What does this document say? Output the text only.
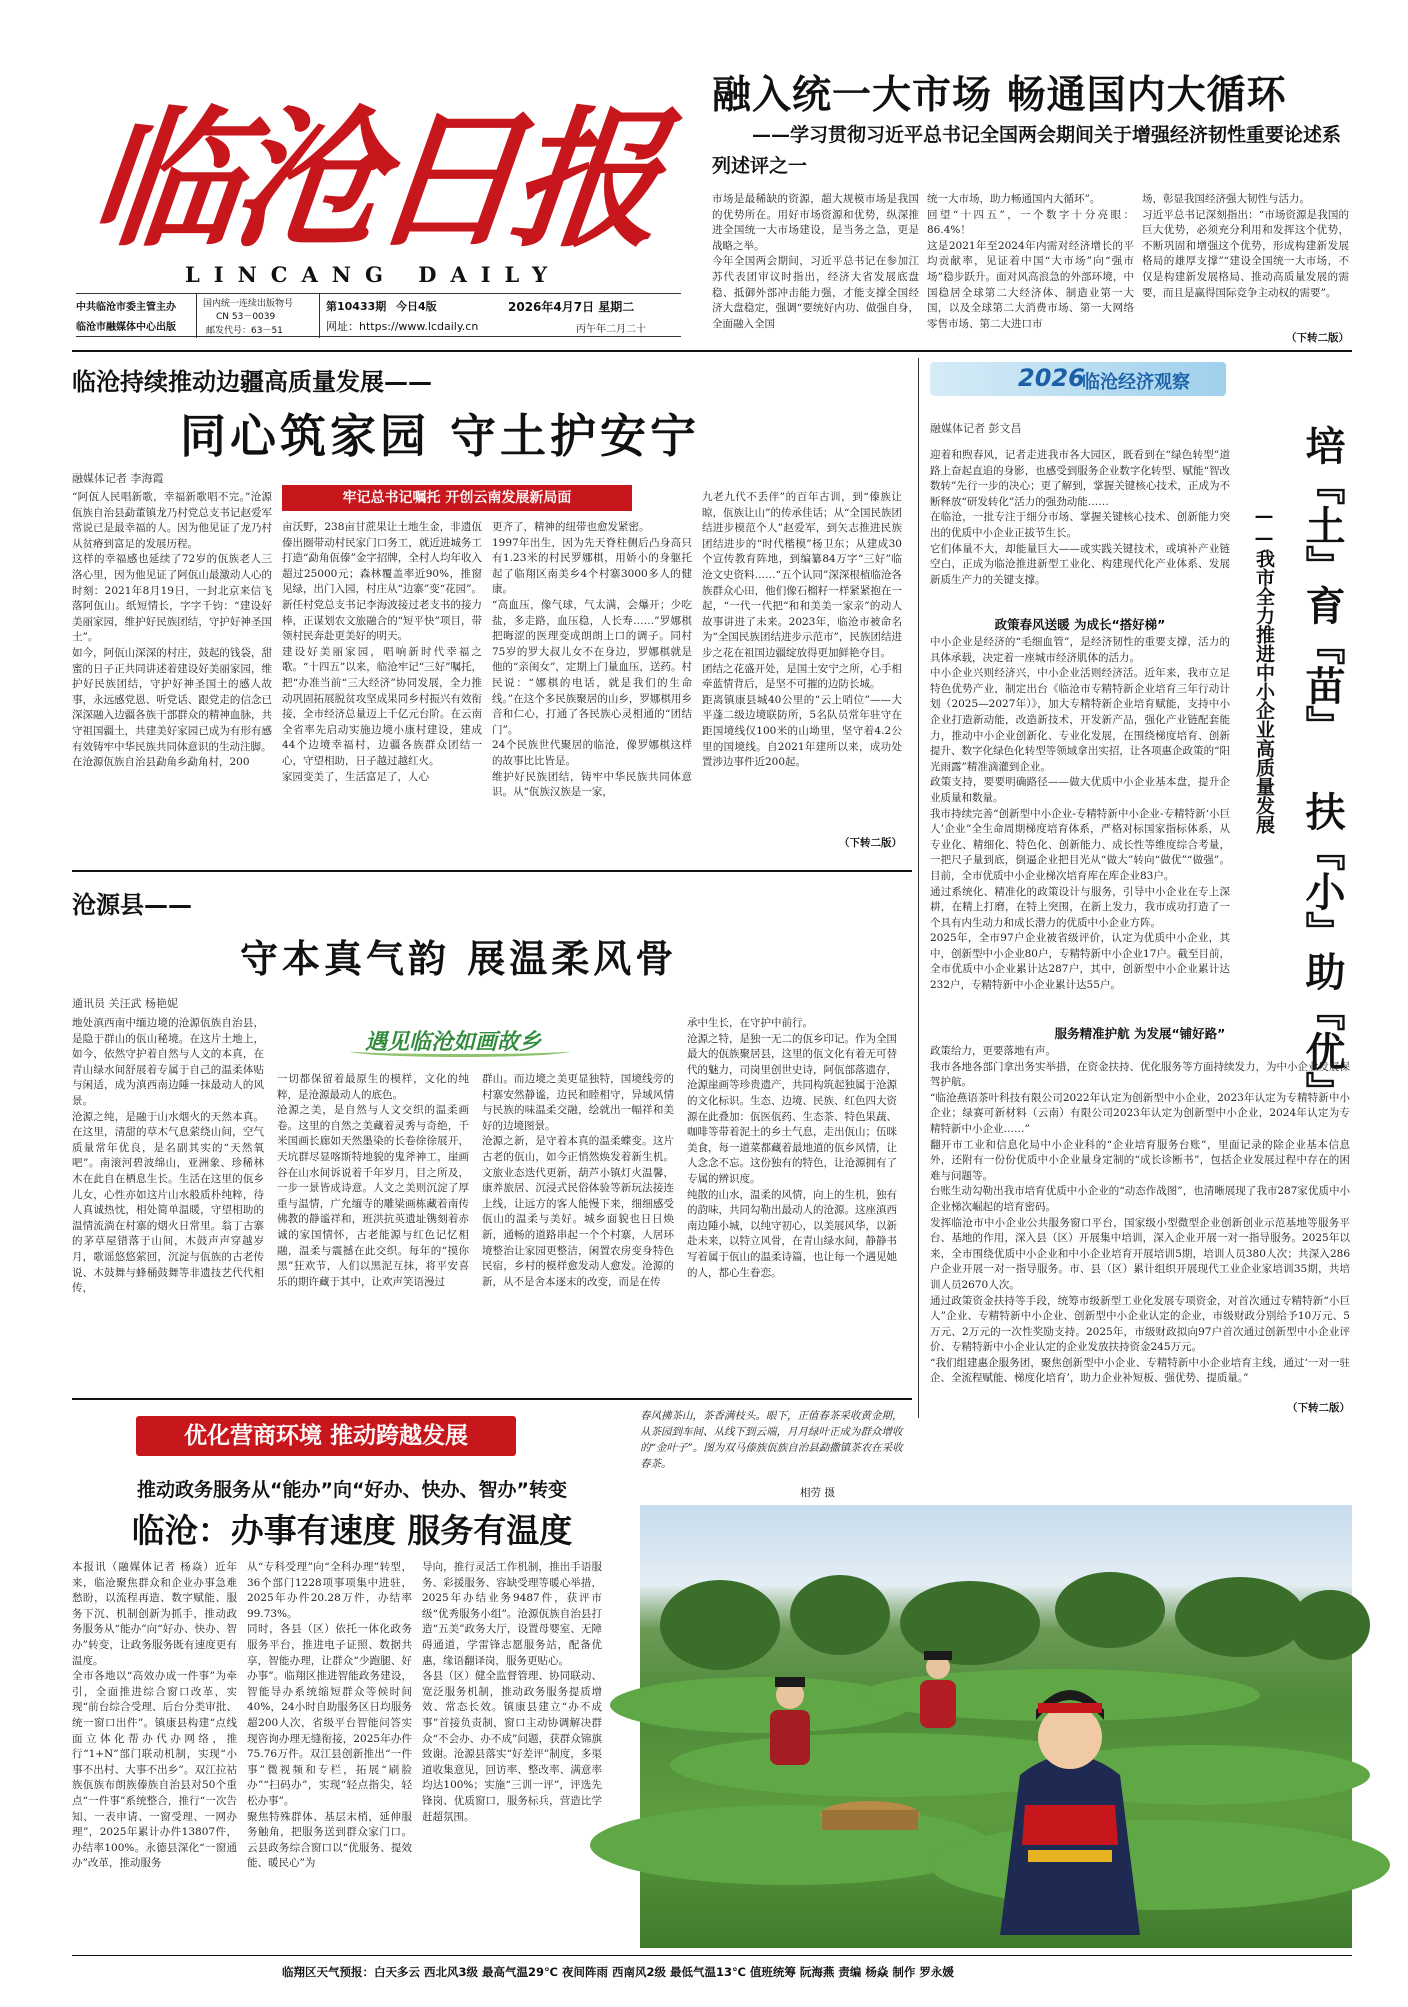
临沧日报
LINCANG DAILY
中共临沧市委主管主办
临沧市融媒体中心出版
国内统一连续出版物号
CN 53－0039
邮发代号：63－51
第10433期 今日4版
网址：https://www.lcdaily.cn
2026年4月7日 星期二
丙午年二月二十
融入统一大市场 畅通国内大循环
——学习贯彻习近平总书记全国两会期间关于增强经济韧性重要论述系列述评之一
市场是最稀缺的资源，超大规模市场是我国的优势所在。用好市场资源和优势，纵深推进全国统一大市场建设，是当务之急，更是战略之举。
今年全国两会期间，习近平总书记在参加江苏代表团审议时指出，经济大省发展底盘稳、抵御外部冲击能力强，才能支撑全国经济大盘稳定，强调“要统好内功、做强自身，全面融入全国
统一大市场，助力畅通国内大循环”。
回望“十四五”，一个数字十分亮眼：86.4%！
这是2021年至2024年内需对经济增长的平均贡献率，见证着中国“大市场”向“强市场”稳步跃升。面对风高浪急的外部环境，中国稳居全球第二大经济体、制造业第一大国，以及全球第二大消费市场、第一大网络零售市场、第二大进口市
场，彰显我国经济强大韧性与活力。
习近平总书记深刻指出：“市场资源是我国的巨大优势，必须充分利用和发挥这个优势，不断巩固和增强这个优势，形成构建新发展格局的雄厚支撑”“建设全国统一大市场，不仅是构建新发展格局、推动高质量发展的需要，而且是赢得国际竞争主动权的需要”。
（下转二版）
临沧持续推动边疆高质量发展——
同心筑家园 守土护安宁
融媒体记者 李海霞
牢记总书记嘱托 开创云南发展新局面
“阿佤人民唱新歌，幸福新歌唱不完。”沧源佤族自治县勐董镇龙乃村党总支书记赵爱军常说已是最幸福的人。因为他见证了龙乃村从贫瘠到富足的发展历程。
这样的幸福感也延续了72岁的佤族老人三洛心里，因为他见证了阿佤山最激动人心的时刻：2021年8月19日，一封北京来信飞落阿佤山。纸短情长，字字千钧：“建设好美丽家园，维护好民族团结，守护好神圣国土”。
如今，阿佤山深深的村庄，鼓起的钱袋，甜蜜的日子正共同讲述着建设好美丽家园，维护好民族团结，守护好神圣国土的感人故事，永远感党恩、听党话、跟党走的信念已深深融入边疆各族干部群众的精神血脉，共守祖国疆土，共建美好家园已成为有形有感有效铸牢中华民族共同体意识的生动注脚。
在沧源佤族自治县勐角乡勐角村，200
亩沃野，238亩甘蔗果让土地生金，非遗佤傣出圈带动村民家门口务工，就近进城务工打造“勐角佤傣”金字招牌，全村人均年收入超过25000元；森林覆盖率近90%，推窗见绿，出门入园，村庄从“边寨”变“花园”。新任村党总支书记李海波接过老支书的接力棒，正谋划农文旅融合的“短平快”项目，带领村民奔赴更美好的明天。
建设好美丽家园，唱响新时代幸福之歌。“十四五”以来，临沧牢记“三好”嘱托，把“办准当前“三大经济”协同发展，全力推动巩固拓展脱贫攻坚成果同乡村振兴有效衔接，全市经济总量迈上千亿元台阶。在云南全省率先启动实施边境小康村建设，建成44个边境幸福村，边疆各族群众团结一心，守望相助，日子越过越红火。
家园变美了，生活富足了，人心
更齐了，精神的纽带也愈发紧密。
1997年出生，因为先天脊柱侧后凸身高只有1.23米的村民罗娜棋，用娇小的身躯托起了临翔区南美乡4个村寨3000多人的健康。
“高血压，像气球，气太满，会爆开；少吃盐，多走路，血压稳，人长寿……”罗娜棋把晦涩的医理变成朗朗上口的调子。同村75岁的罗大叔儿女不在身边，罗娜棋就是他的“亲闺女”，定期上门量血压，送药。村民说：“娜棋的电话，就是我们的生命线。”在这个多民族聚居的山乡，罗娜棋用乡音和仁心，打通了各民族心灵相通的“团结门”。
24个民族世代聚居的临沧，像罗娜棋这样的故事比比皆是。
维护好民族团结，铸牢中华民族共同体意识。从“佤族汉族是一家，
九老九代不丢伴”的百年古训，到“傣族让晾，佤族让山”的传承佳话；从“全国民族团结进步模范个人”赵爱军，到矢志推进民族团结进步的“时代楷模”杨卫东；从建成30个宣传教育阵地，到编纂84万字“三好”临沧文史资料……“五个认同”深深根植临沧各族群众心田，他们像石榴籽一样紧紧抱在一起，“一代一代把“和和美美一家亲”的动人故事讲进了未来。2023年，临沧市被命名为“全国民族团结进步示范市”，民族团结进步之花在祖国边疆绽放得更加鲜艳夺目。
团结之花盛开处，是国土安宁之所，心手相牵蓝情背后，是坚不可摧的边防长城。
距离镇康县城40公里的“云上哨位”——大平蓬二级边境联防所，5名队员常年驻守在距国境线仅100米的山坳里，坚守着4.2公里的国境线。自2021年建所以来，成功处置涉边事件近200起。
（下转二版）
2026
临沧经济观察
融媒体记者 彭文昌	培『土』育『苗』 扶『小』助『优』
——我市全力推进中小企业高质量发展
迎着和煦春风，记者走进我市各大园区，既看到在“绿色转型”道路上奋起直追的身影，也感受到服务企业数字化转型、赋能“智改数转”先行一步的决心；更了解到，掌握关键核心技术，正成为不断释放“研发转化”活力的强劲动能……
在临沧，一批专注于细分市场、掌握关键核心技术、创新能力突出的优质中小企业正拔节生长。
它们体量不大，却能量巨大——或实践关键技术，或填补产业链空白，正成为临沧推进新型工业化、构建现代化产业体系、发展新质生产力的关键支撑。
政策春风送暖 为成长“搭好梯”
中小企业是经济的“毛细血管”，是经济韧性的重要支撑，活力的具体承载，决定着一座城市经济肌体的活力。
中小企业兴则经济兴，中小企业活则经济活。近年来，我市立足特色优势产业，制定出台《临沧市专精特新企业培育三年行动计划（2025—2027年）》，加大专精特新企业培育赋能，支持中小企业打造新动能，改造新技术，开发新产品，强化产业链配套能力，推动中小企业创新化、专业化发展，在围绕梯度培育、创新提升、数字化绿色化转型等领域拿出实招，让各项惠企政策的“阳光雨露”精准滴灌到企业。
政策支持，要要明确路径——做大优质中小企业基本盘，提升企业质量和数量。
我市持续完善“创新型中小企业-专精特新中小企业-专精特新‘小巨人’企业”全生命周期梯度培育体系，严格对标国家指标体系，从专业化、精细化、特色化、创新能力、成长性等维度综合考量，一把尺子量到底，倒逼企业把目光从“做大”转向“做优”“做强”。目前，全市优质中小企业梯次培育库在库企业83户。
通过系统化、精准化的政策设计与服务，引导中小企业在专上深耕，在精上打磨，在特上突围，在新上发力，我市成功打造了一个具有内生动力和成长潜力的优质中小企业方阵。
2025年，全市97户企业被省级评价，认定为优质中小企业，其中，创新型中小企业80户，专精特新中小企业17户。截至目前，全市优质中小企业累计达287户，其中，创新型中小企业累计达232户，专精特新中小企业累计达55户。
服务精准护航 为发展“铺好路”
政策给力，更要落地有声。
我市各地各部门拿出务实举措，在资金扶持、优化服务等方面持续发力，为中小企业发展保驾护航。
“临沧燕语茶叶科技有限公司2022年认定为创新型中小企业，2023年认定为专精特新中小企业；绿赛可新材料（云南）有限公司2023年认定为创新型中小企业，2024年认定为专精特新中小企业……”
翻开市工业和信息化局中小企业科的“企业培育服务台账”，里面记录的除企业基本信息外，还附有一份份优质中小企业量身定制的“成长诊断书”，包括企业发展过程中存在的困难与问题等。
台账生动勾勒出我市培育优质中小企业的“动态作战图”，也清晰展现了我市287家优质中小企业梯次崛起的培育密码。
发挥临沧市中小企业公共服务窗口平台，国家级小型微型企业创新创业示范基地等服务平台、基地的作用，深入县（区）开展集中培训，深入企业开展一对一指导服务。2025年以来，全市围绕优质中小企业和中小企业培育开展培训5期，培训人员380人次；共深入286户企业开展一对一指导服务。市、县（区）累计组织开展现代工业企业家培训35期，共培训人员2670人次。
通过政策资金扶持等手段，统筹市级新型工业化发展专项资金，对首次通过专精特新“小巨人”企业、专精特新中小企业、创新型中小企业认定的企业，市级财政分别给予10万元、5万元、2万元的一次性奖励支持。2025年，市级财政拟向97户首次通过创新型中小企业评价、专精特新中小企业认定的企业发放扶持资金245万元。
“我们组建惠企服务团，聚焦创新型中小企业、专精特新中小企业培育主线，通过‘一对一驻企、全流程赋能、梯度化培育’，助力企业补短板、强优势、提质量。”
（下转二版）
沧源县——
守本真气韵 展温柔风骨
通讯员 关汪武 杨艳妮
遇见临沧如画故乡
地处滇西南中缅边境的沧源佤族自治县，是隐于群山的佤山秘境。在这片土地上，如今，依然守护着自然与人文的本真，在青山绿水间舒展着专属于自己的温柔体贴与闲适，成为滇西南边陲一抹最动人的风景。
沧源之纯，是融于山水烟火的天然本真。在这里，清甜的草木气息萦绕山间，空气质量常年优良，是名副其实的“天然氧吧”。南滚河碧波绵山，亚洲象、珍稀林木在此自在栖息生长。生活在这里的佤乡儿女，心性亦如这片山水般质朴纯粹，待人真诚热忱，相处简单温暖，守望相助的温情流淌在村寨的烟火日常里。翁丁古寨的茅草屋错落于山间，木鼓声声穿越岁月，歌谣悠悠萦回，沉淀与佤族的古老传说、木鼓舞与蜂桶鼓舞等非遗技艺代代相传，
一切都保留着最原生的模样，文化的纯粹，是沧源最动人的底色。
沧源之美，是自然与人文交织的温柔画卷。这里的自然之美藏着灵秀与奇绝，千米国画长廊如天然墨染的长卷徐徐展开，天坑群尽显喀斯特地貌的鬼斧神工，崖画谷在山水间诉说着千年岁月，目之所及，一步一景皆成诗意。人文之美则沉淀了厚重与温情，广允缅寺的雕梁画栋藏着南传佛教的静谧祥和，班洪抗英遗址镌刻着赤诚的家国情怀，古老能源与红色记忆相融，温柔与震撼在此交织。每年的“摸你黑”狂欢节，人们以黑泥互抹，将平安喜乐的期许藏于其中，让欢声笑语漫过
群山。而边境之美更显独特，国境线旁的村寨安然静谧，边民和睦相守，异域风情与民族的味温柔交融，绘就出一幅祥和美好的边境图景。
沧源之新，是守着本真的温柔蝶变。这片古老的佤山，如今正悄然焕发着新生机。文旅业态迭代更新，葫芦小镇灯火温馨，康养旅居、沉浸式民俗体验等新玩法接连上线，让远方的客人能慢下来，细细感受佤山的温柔与美好。城乡面貌也日日焕新，通畅的道路串起一个个村寨，人居环境整治让家园更整洁，闲置农房变身特色民宿，乡村的模样愈发动人愈发。沧源的新，从不是舍本逐末的改变，而是在传
承中生长，在守护中前行。
沧源之特，是独一无二的佤乡印记。作为全国最大的佤族聚居县，这里的佤文化有着无可替代的魅力，司岗里创世史诗，阿佤部落遗存，沧源崖画等珍贵遗产，共同构筑起独属于沧源的文化标识。生态、边境、民族、红色四大资源在此叠加：佤医佤药、生态茶、特色果蔬、咖啡等带着泥土的乡土气息，走出佤山；伍咪美食，每一道菜都藏着最地道的佤乡风情，让人念念不忘。这份独有的特色，让沧源拥有了专属的辨识度。
纯散的山水，温柔的风情，向上的生机，独有的韵味，共同勾勒出最动人的沧源。这座滇西南边陲小城，以纯守初心，以美展风华，以新赴未来，以特立风骨，在青山绿水间，静静书写着属于佤山的温柔诗篇，也让每一个遇见她的人，都心生眷恋。
优化营商环境 推动跨越发展
推动政务服务从“能办”向“好办、快办、智办”转变
临沧：办事有速度 服务有温度
本报讯（融媒体记者 杨焱）近年来，临沧聚焦群众和企业办事急难愁盼，以流程再造、数字赋能、服务下沉、机制创新为抓手，推动政务服务从“能办”向“好办、快办、智办”转变，让政务服务既有速度更有温度。
全市各地以“高效办成一件事”为牵引，全面推进综合窗口改革，实现“前台综合受理、后台分类审批、统一窗口出件”。镇康县构建“点线面立体化帮办代办网络，推行“1+N”部门联动机制，实现“小事不出村、大事不出乡”。双江拉祜族佤族布朗族傣族自治县对50个重点“一件事”系统整合，推行“一次告知、一表申请、一窗受理、一网办理”，2025年累计办件13807件，办结率100%。永德县深化“一窗通办”改革，推动服务
从“专科受理”向“全科办理”转型，36个部门1228项事项集中进驻，2025年办件20.28万件，办结率99.73%。
同时，各县（区）依托一体化政务服务平台，推进电子证照、数据共享，智能办理，让群众“少跑腿、好办事”。临翔区推进智能政务建设，智能导办系统缩短群众等候时间40%，24小时自助服务区日均服务超200人次，省级平台智能问答实现咨询办理无缝衔接，2025年办件75.76万件。双江县创新推出“一件事”微视频和专栏，拓展“刷脸办”“扫码办”，实现“轻点指尖，轻松办事”。
聚焦特殊群体、基层末梢，延伸服务触角，把服务送到群众家门口。云县政务综合窗口以“优服务、提效能、暖民心”为
导向，推行灵活工作机制，推出手语服务、彩援服务、容缺受理等暖心举措，2025年办结业务9487件，获评市级“优秀服务小组”。沧源佤族自治县打造“五美”政务大厅，设置母婴室、无障碍通道，学雷锋志愿服务站，配备优惠，缘语翻译岗，服务更贴心。
各县（区）健全监督管理、协同联动、宽泛服务机制，推动政务服务提质增效、常态长效。镇康县建立“办不成事”首接负责制，窗口主动协调解决群众“不会办、办不成”问题，获群众锦旗致谢。沧源县落实“好差评”制度，多渠道收集意见，回访率、整改率、满意率均达100%；实施“三训一评”，评选先锋岗、优质窗口，服务标兵，营造比学赶超氛围。
春风拂茶山，茶香满枝头。眼下，正值春茶采收黄金期，从茶园到车间、从线下到云端，月月绿叶正成为群众增收的“金叶子”。图为双马傣族佤族自治县勐撒镇茶农在采收春茶。
相劳 摄
临翔区天气预报：白天多云 西北风3级 最高气温29℃ 夜间阵雨 西南风2级 最低气温13℃ 值班统筹 阮海燕 责编 杨焱 制作 罗永媛
